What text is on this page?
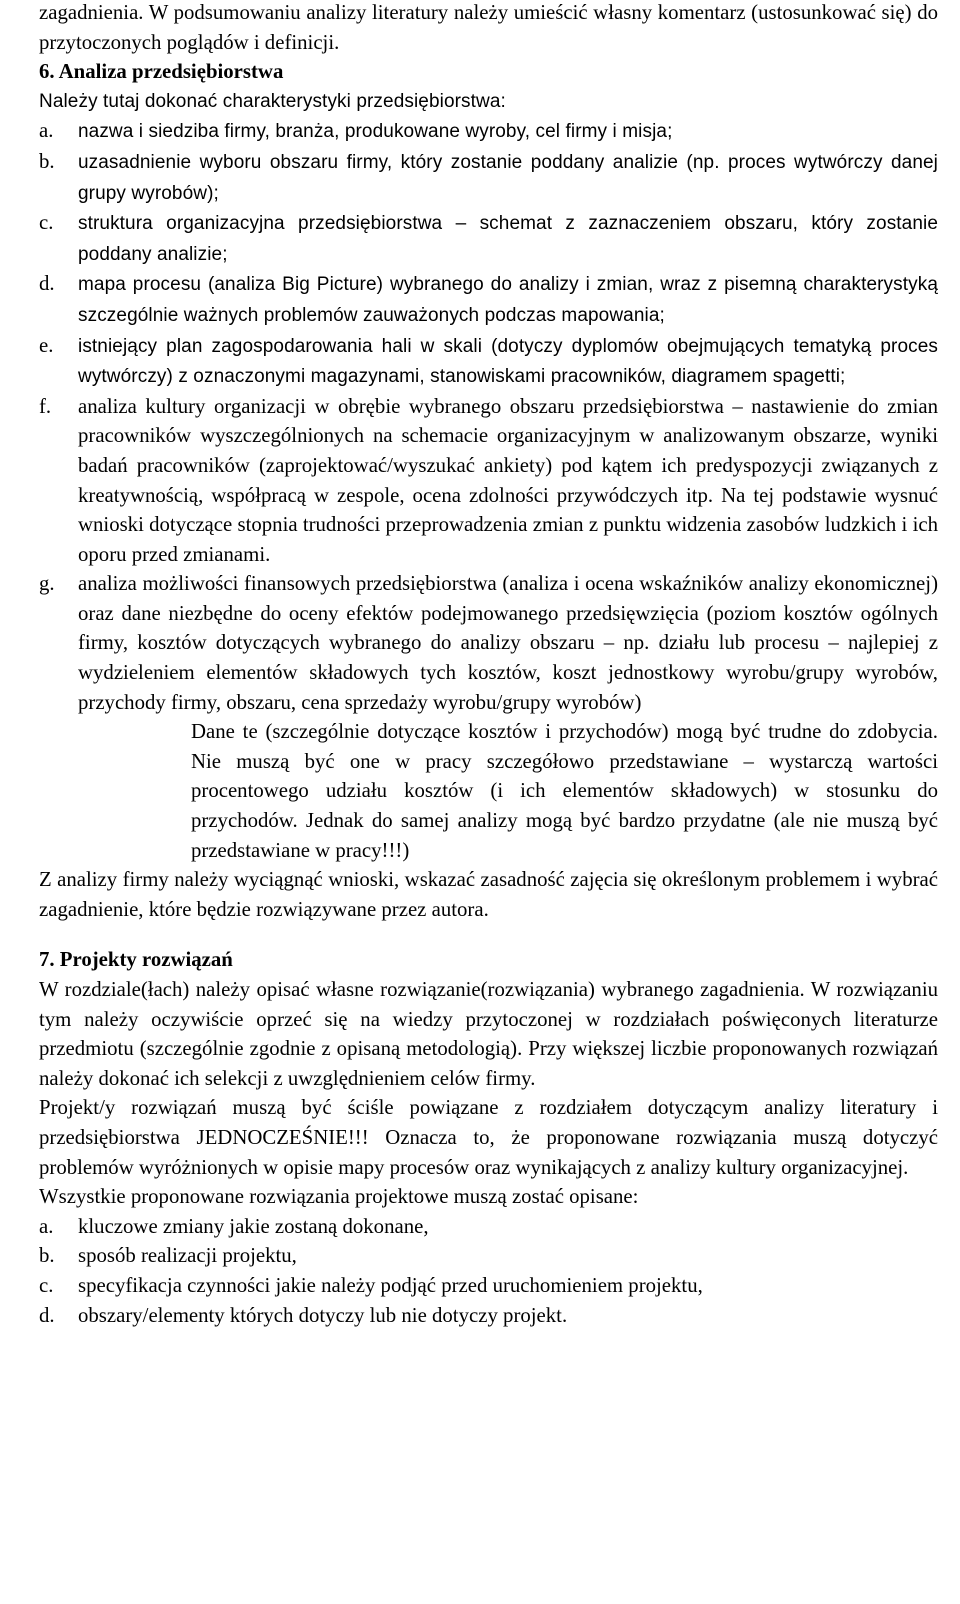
zagadnienia. W podsumowaniu analizy literatury należy umieścić własny komentarz (ustosunkować się) do przytoczonych poglądów i definicji.

6. Analiza przedsiębiorstwa

Należy tutaj dokonać charakterystyki przedsiębiorstwa:

a. nazwa i siedziba firmy, branża, produkowane wyroby, cel firmy i misja;
b. uzasadnienie wyboru obszaru firmy, który zostanie poddany analizie (np. proces wytwórczy danej grupy wyrobów);
c. struktura organizacyjna przedsiębiorstwa – schemat z zaznaczeniem obszaru, który zostanie poddany analizie;
d. mapa procesu (analiza Big Picture) wybranego do analizy i zmian, wraz z pisemną charakterystyką szczególnie ważnych problemów zauważonych podczas mapowania;
e. istniejący plan zagospodarowania hali w skali (dotyczy dyplomów obejmujących tematyką proces wytwórczy) z oznaczonymi magazynami, stanowiskami pracowników, diagramem spagetti;
f. analiza kultury organizacji w obrębie wybranego obszaru przedsiębiorstwa – nastawienie do zmian pracowników wyszczególnionych na schemacie organizacyjnym w analizowanym obszarze, wyniki badań pracowników (zaprojektować/wyszukać ankiety) pod kątem ich predyspozycji związanych z kreatywnością, współpracą w zespole, ocena zdolności przywódczych itp. Na tej podstawie wysnuć wnioski dotyczące stopnia trudności przeprowadzenia zmian z punktu widzenia zasobów ludzkich i ich oporu przed zmianami.
g. analiza możliwości finansowych przedsiębiorstwa (analiza i ocena wskaźników analizy ekonomicznej) oraz dane niezbędne do oceny efektów podejmowanego przedsięwzięcia (poziom kosztów ogólnych firmy, kosztów dotyczących wybranego do analizy obszaru – np. działu lub procesu – najlepiej z wydzieleniem elementów składowych tych kosztów, koszt jednostkowy wyrobu/grupy wyrobów, przychody firmy, obszaru, cena sprzedaży wyrobu/grupy wyrobów)

Dane te (szczególnie dotyczące kosztów i przychodów) mogą być trudne do zdobycia. Nie muszą być one w pracy szczegółowo przedstawiane – wystarczą wartości procentowego udziału kosztów (i ich elementów składowych) w stosunku do przychodów. Jednak do samej analizy mogą być bardzo przydatne (ale nie muszą być przedstawiane w pracy!!!)

Z analizy firmy należy wyciągnąć wnioski, wskazać zasadność zajęcia się określonym problemem i wybrać zagadnienie, które będzie rozwiązywane przez autora.

7. Projekty rozwiązań

W rozdziale(łach) należy opisać własne rozwiązanie(rozwiązania) wybranego zagadnienia. W rozwiązaniu tym należy oczywiście oprzeć się na wiedzy przytoczonej w rozdziałach poświęconych literaturze przedmiotu (szczególnie zgodnie z opisaną metodologią). Przy większej liczbie proponowanych rozwiązań należy dokonać ich selekcji z uwzględnieniem celów firmy.

Projekt/y rozwiązań muszą być ściśle powiązane z rozdziałem dotyczącym analizy literatury i przedsiębiorstwa JEDNOCZEŚNIE!!! Oznacza to, że proponowane rozwiązania muszą dotyczyć problemów wyróżnionych w opisie mapy procesów oraz wynikających z analizy kultury organizacyjnej.

Wszystkie proponowane rozwiązania projektowe muszą zostać opisane:

a. kluczowe zmiany jakie zostaną dokonane,
b. sposób realizacji projektu,
c. specyfikacja czynności jakie należy podjąć przed uruchomieniem projektu,
d. obszary/elementy których dotyczy lub nie dotyczy projekt.
